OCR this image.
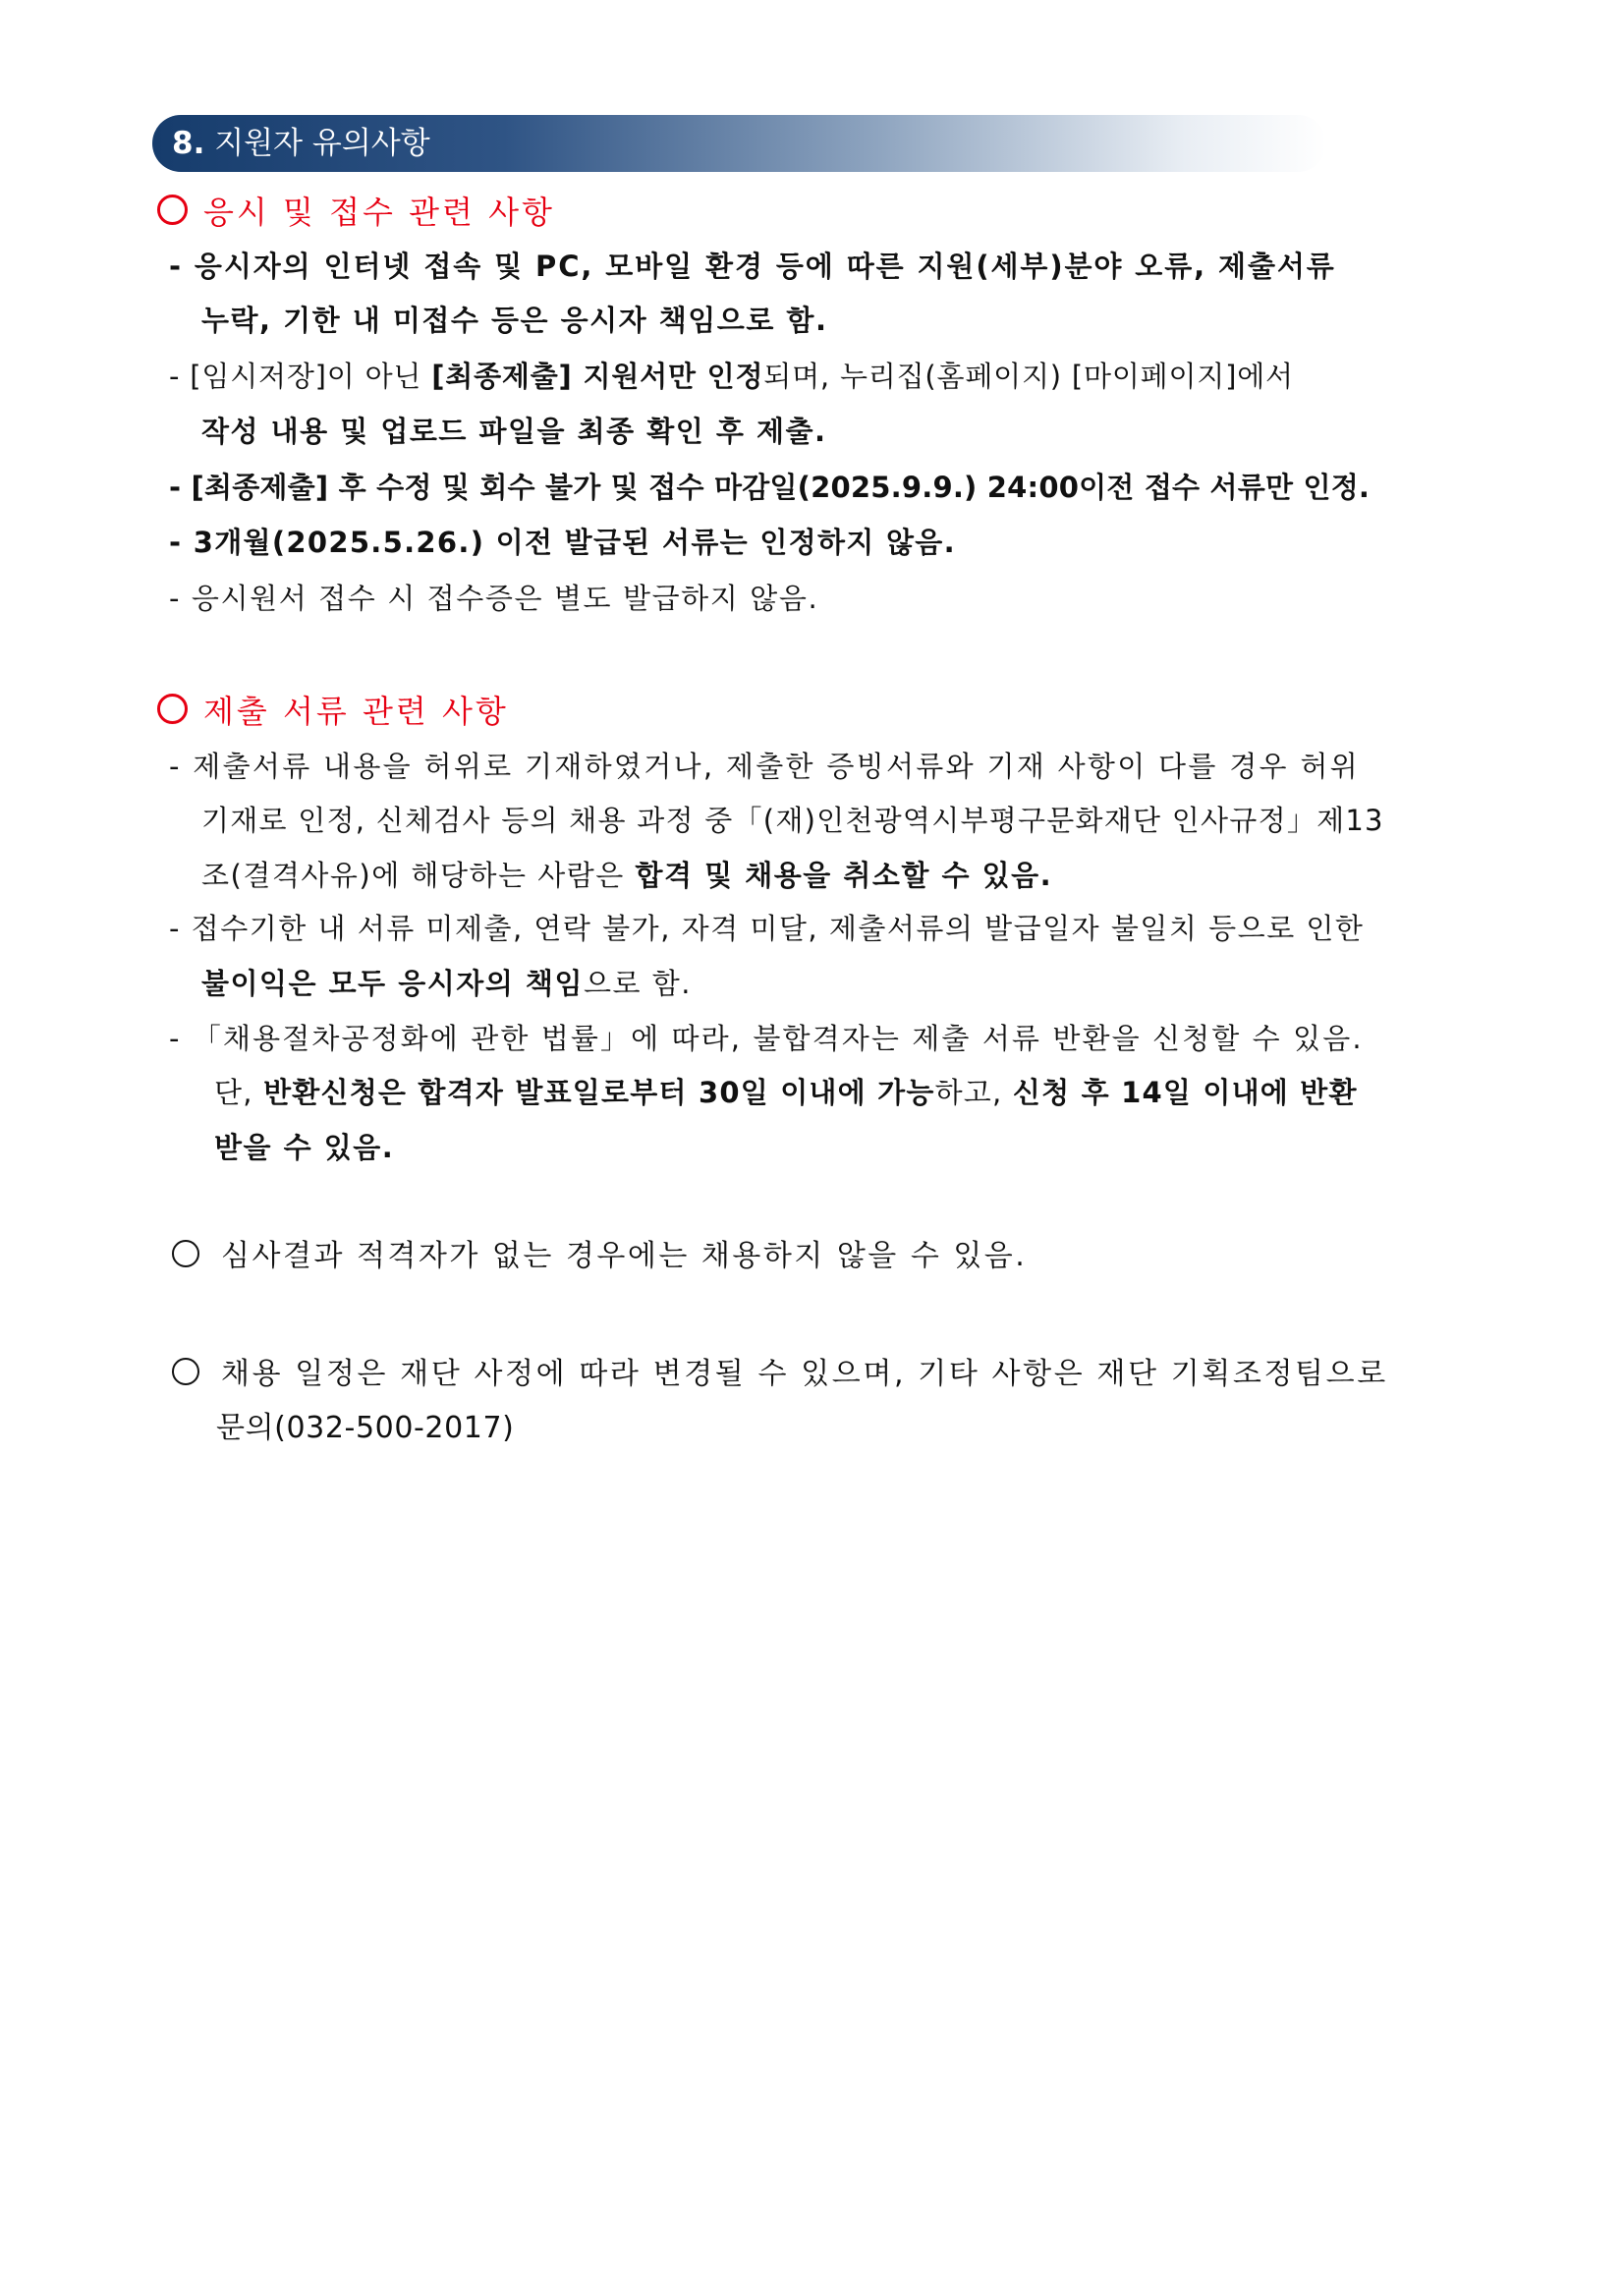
8. 지원자 유의사항
응시 및 접수 관련 사항
- 응시자의 인터넷 접속 및 PC, 모바일 환경 등에 따른 지원(세부)분야 오류, 제출서류
누락, 기한 내 미접수 등은 응시자 책임으로 함.
- [임시저장]이 아닌 [최종제출] 지원서만 인정되며, 누리집(홈페이지) [마이페이지]에서
작성 내용 및 업로드 파일을 최종 확인 후 제출.
- [최종제출] 후 수정 및 회수 불가 및 접수 마감일(2025.9.9.) 24:00이전 접수 서류만 인정.
- 3개월(2025.5.26.) 이전 발급된 서류는 인정하지 않음.
- 응시원서 접수 시 접수증은 별도 발급하지 않음.
제출 서류 관련 사항
- 제출서류 내용을 허위로 기재하였거나, 제출한 증빙서류와 기재 사항이 다를 경우 허위
기재로 인정, 신체검사 등의 채용 과정 중「(재)인천광역시부평구문화재단 인사규정」제13
조(결격사유)에 해당하는 사람은 합격 및 채용을 취소할 수 있음.
- 접수기한 내 서류 미제출, 연락 불가, 자격 미달, 제출서류의 발급일자 불일치 등으로 인한
불이익은 모두 응시자의 책임으로 함.
- 「채용절차공정화에 관한 법률」에 따라, 불합격자는 제출 서류 반환을 신청할 수 있음.
단, 반환신청은 합격자 발표일로부터 30일 이내에 가능하고, 신청 후 14일 이내에 반환
받을 수 있음.
심사결과 적격자가 없는 경우에는 채용하지 않을 수 있음.
채용 일정은 재단 사정에 따라 변경될 수 있으며, 기타 사항은 재단 기획조정팀으로
문의(032-500-2017)
